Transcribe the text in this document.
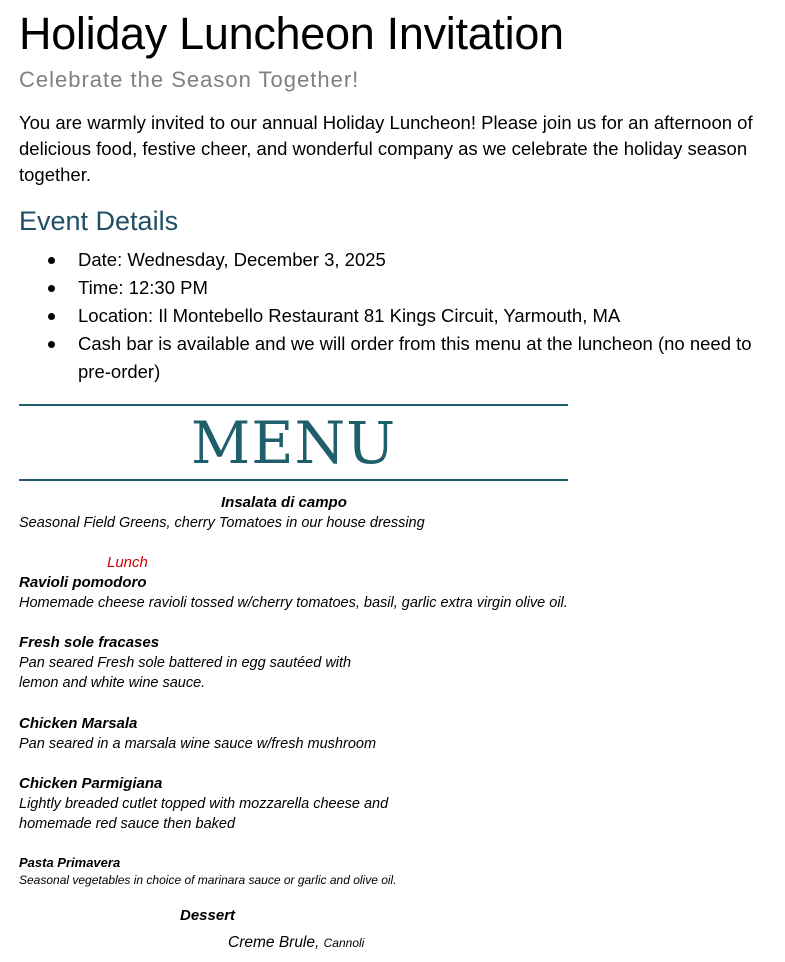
Holiday Luncheon Invitation
Celebrate the Season Together!

You are warmly invited to our annual Holiday Luncheon! Please join us for an afternoon of delicious food, festive cheer, and wonderful company as we celebrate the holiday season together.

Event Details
Date: Wednesday, December 3, 2025
Time: 12:30 PM
Location: Il Montebello Restaurant 81 Kings Circuit, Yarmouth, MA
Cash bar is available and we will order from this menu at the luncheon (no need to pre-order)
MENU
Insalata di campo
Seasonal Field Greens, cherry Tomatoes in our house dressing
Lunch
Ravioli pomodoro
Homemade cheese ravioli tossed w/cherry tomatoes, basil, garlic extra virgin olive oil.
Fresh sole fracases
Pan seared Fresh sole battered in egg sautéed with
lemon and white wine sauce.
Chicken Marsala
Pan seared in a marsala wine sauce w/fresh mushroom
Chicken Parmigiana
Lightly breaded cutlet topped with mozzarella cheese and
homemade red sauce then baked
Pasta Primavera
Seasonal vegetables in choice of marinara sauce or garlic and olive oil.
Dessert
Creme Brule, Cannoli
